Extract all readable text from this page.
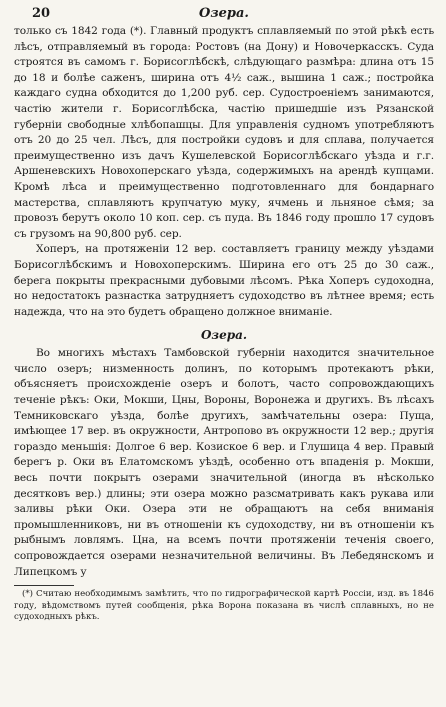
20	Озера.

только съ 1842 года (*). Главный продуктъ сплавляемый по этой рѣкѣ есть лѣсъ, отправляемый въ города: Ростовъ (на Дону) и Новочеркасскъ. Суда строятся въ самомъ г. Борисоглѣбскѣ, слѣдующаго размѣра: длина отъ 15 до 18 и болѣе саженъ, ширина отъ 4½ саж., вышина 1 саж.; постройка каждаго судна обходится до 1,200 руб. сер. Судостроеніемъ занимаются, частію жители г. Борисоглѣбска, частію пришедшіе изъ Рязанской губерніи свободные хлѣбопашцы. Для управленія судномъ употребляютъ отъ 20 до 25 чел. Лѣсъ, для постройки судовъ и для сплава, получается преимущественно изъ дачъ Кушелевской Борисоглѣбскаго уѣзда и г.г. Аршеневскихъ Новохоперскаго уѣзда, содержимыхъ на арендѣ купцами. Кромѣ лѣса и преимущественно подготовленнаго для бондарнаго мастерства, сплавляютъ крупчатую муку, ячмень и льняное сѣмя; за провозъ берутъ около 10 коп. сер. съ пуда. Въ 1846 году прошло 17 судовъ съ грузомъ на 90,800 руб. сер.

Хоперъ, на протяженіи 12 вер. составляетъ границу между уѣздами Борисоглѣбскимъ и Новохоперскимъ. Ширина его отъ 25 до 30 саж., берега покрыты прекрасными дубовыми лѣсомъ. Рѣка Хоперъ судоходна, но недостатокъ разнастка затрудняетъ судоходство въ лѣтнее время; есть надежда, что на это будетъ обращено должное вниманіе.

Озера.

Во многихъ мѣстахъ Тамбовской губерніи находится значительное число озеръ; низменность долинъ, по которымъ протекаютъ рѣки, объясняетъ происхожденіе озеръ и болотъ, часто сопровождающихъ теченіе рѣкъ: Оки, Мокши, Цны, Вороны, Воронежа и другихъ. Въ лѣсахъ Темниковскаго уѣзда, болѣе другихъ, замѣчательны озера: Пуща, имѣющее 17 вер. въ окружности, Антропово въ окружности 12 вер.; другія гораздо меньшія: Долгое 6 вер. Козиское 6 вер. и Глушица 4 вер. Правый берегъ р. Оки въ Елатомскомъ уѣздѣ, особенно отъ впаденія р. Мокши, весь почти покрытъ озерами значительной (иногда въ нѣсколько десятковъ вер.) длины; эти озера можно разсматривать какъ рукава или заливы рѣки Оки. Озера эти не обращаютъ на себя вниманія промышленниковъ, ни въ отношеніи къ судоходству, ни въ отношеніи къ рыбнымъ ловлямъ. Цна, на всемъ почти протяженіи теченія своего, сопровождается озерами незначительной величины. Въ Лебедянскомъ и Липецкомъ у

(*) Считаю необходимымъ замѣтить, что по гидрографической картѣ Россіи, изд. въ 1846 году, вѣдомствомъ путей сообщенія, рѣка Ворона показана въ числѣ сплавныхъ, но не судоходныхъ рѣкъ.
